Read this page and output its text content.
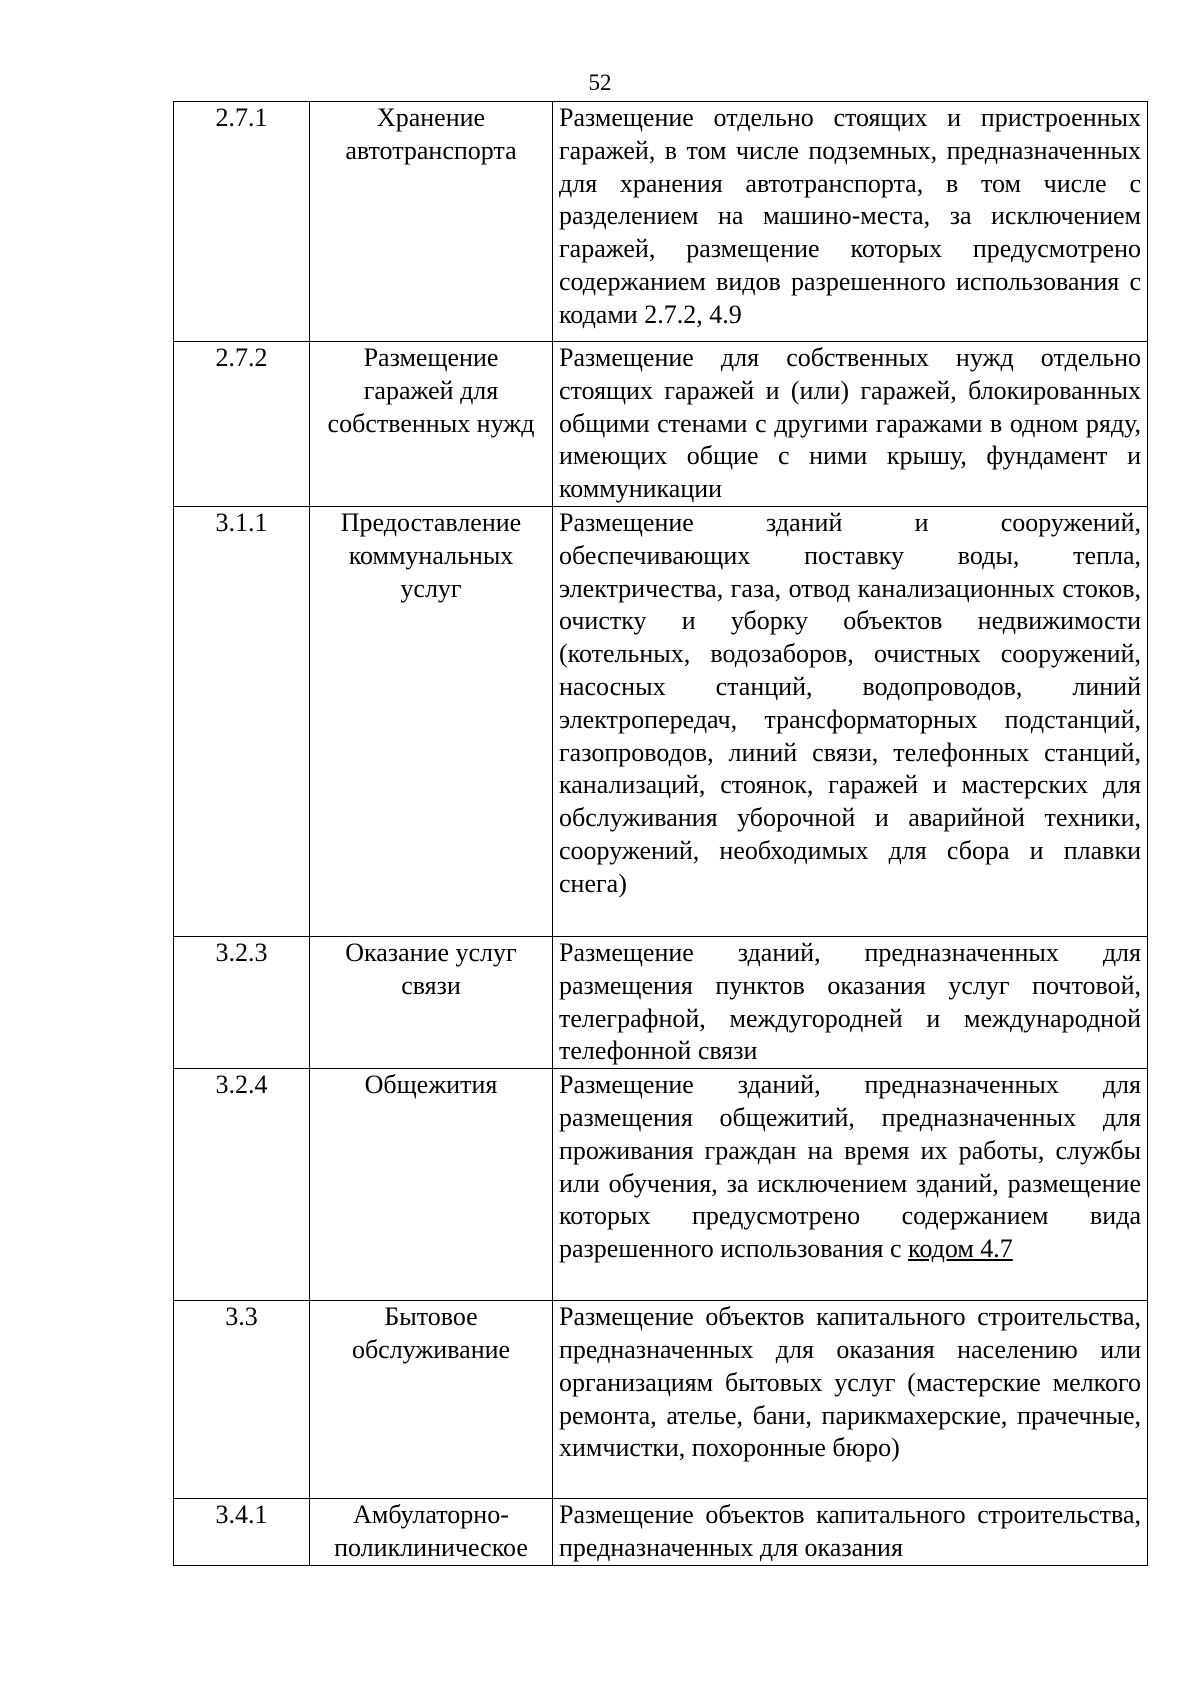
52
2.7.1	Хранение автотранспорта	Размещение отдельно стоящих и пристроенных гаражей, в том числе подземных, предназначенных для хранения автотранспорта, в том числе с разделением на машино-места, за исключением гаражей, размещение которых предусмотрено содержанием видов разрешенного использования с кодами 2.7.2, 4.9
2.7.2	Размещение гаражей для собственных нужд	Размещение для собственных нужд отдельно стоящих гаражей и (или) гаражей, блокированных общими стенами с другими гаражами в одном ряду, имеющих общие с ними крышу, фундамент и коммуникации
3.1.1	Предоставление коммунальных услуг	Размещение зданий и сооружений, обеспечивающих поставку воды, тепла, электричества, газа, отвод канализационных стоков, очистку и уборку объектов недвижимости (котельных, водозаборов, очистных сооружений, насосных станций, водопроводов, линий электропередач, трансформаторных подстанций, газопроводов, линий связи, телефонных станций, канализаций, стоянок, гаражей и мастерских для обслуживания уборочной и аварийной техники, сооружений, необходимых для сбора и плавки снега)
3.2.3	Оказание услуг связи	Размещение зданий, предназначенных для размещения пунктов оказания услуг почтовой, телеграфной, междугородней и международной телефонной связи
3.2.4	Общежития	Размещение зданий, предназначенных для размещения общежитий, предназначенных для проживания граждан на время их работы, службы или обучения, за исключением зданий, размещение которых предусмотрено содержанием вида разрешенного использования с кодом 4.7
3.3	Бытовое обслуживание	Размещение объектов капитального строительства, предназначенных для оказания населению или организациям бытовых услуг (мастерские мелкого ремонта, ателье, бани, парикмахерские, прачечные, химчистки, похоронные бюро)
3.4.1	Амбулаторно-поликлиническое	Размещение объектов капитального строительства, предназначенных для оказания
